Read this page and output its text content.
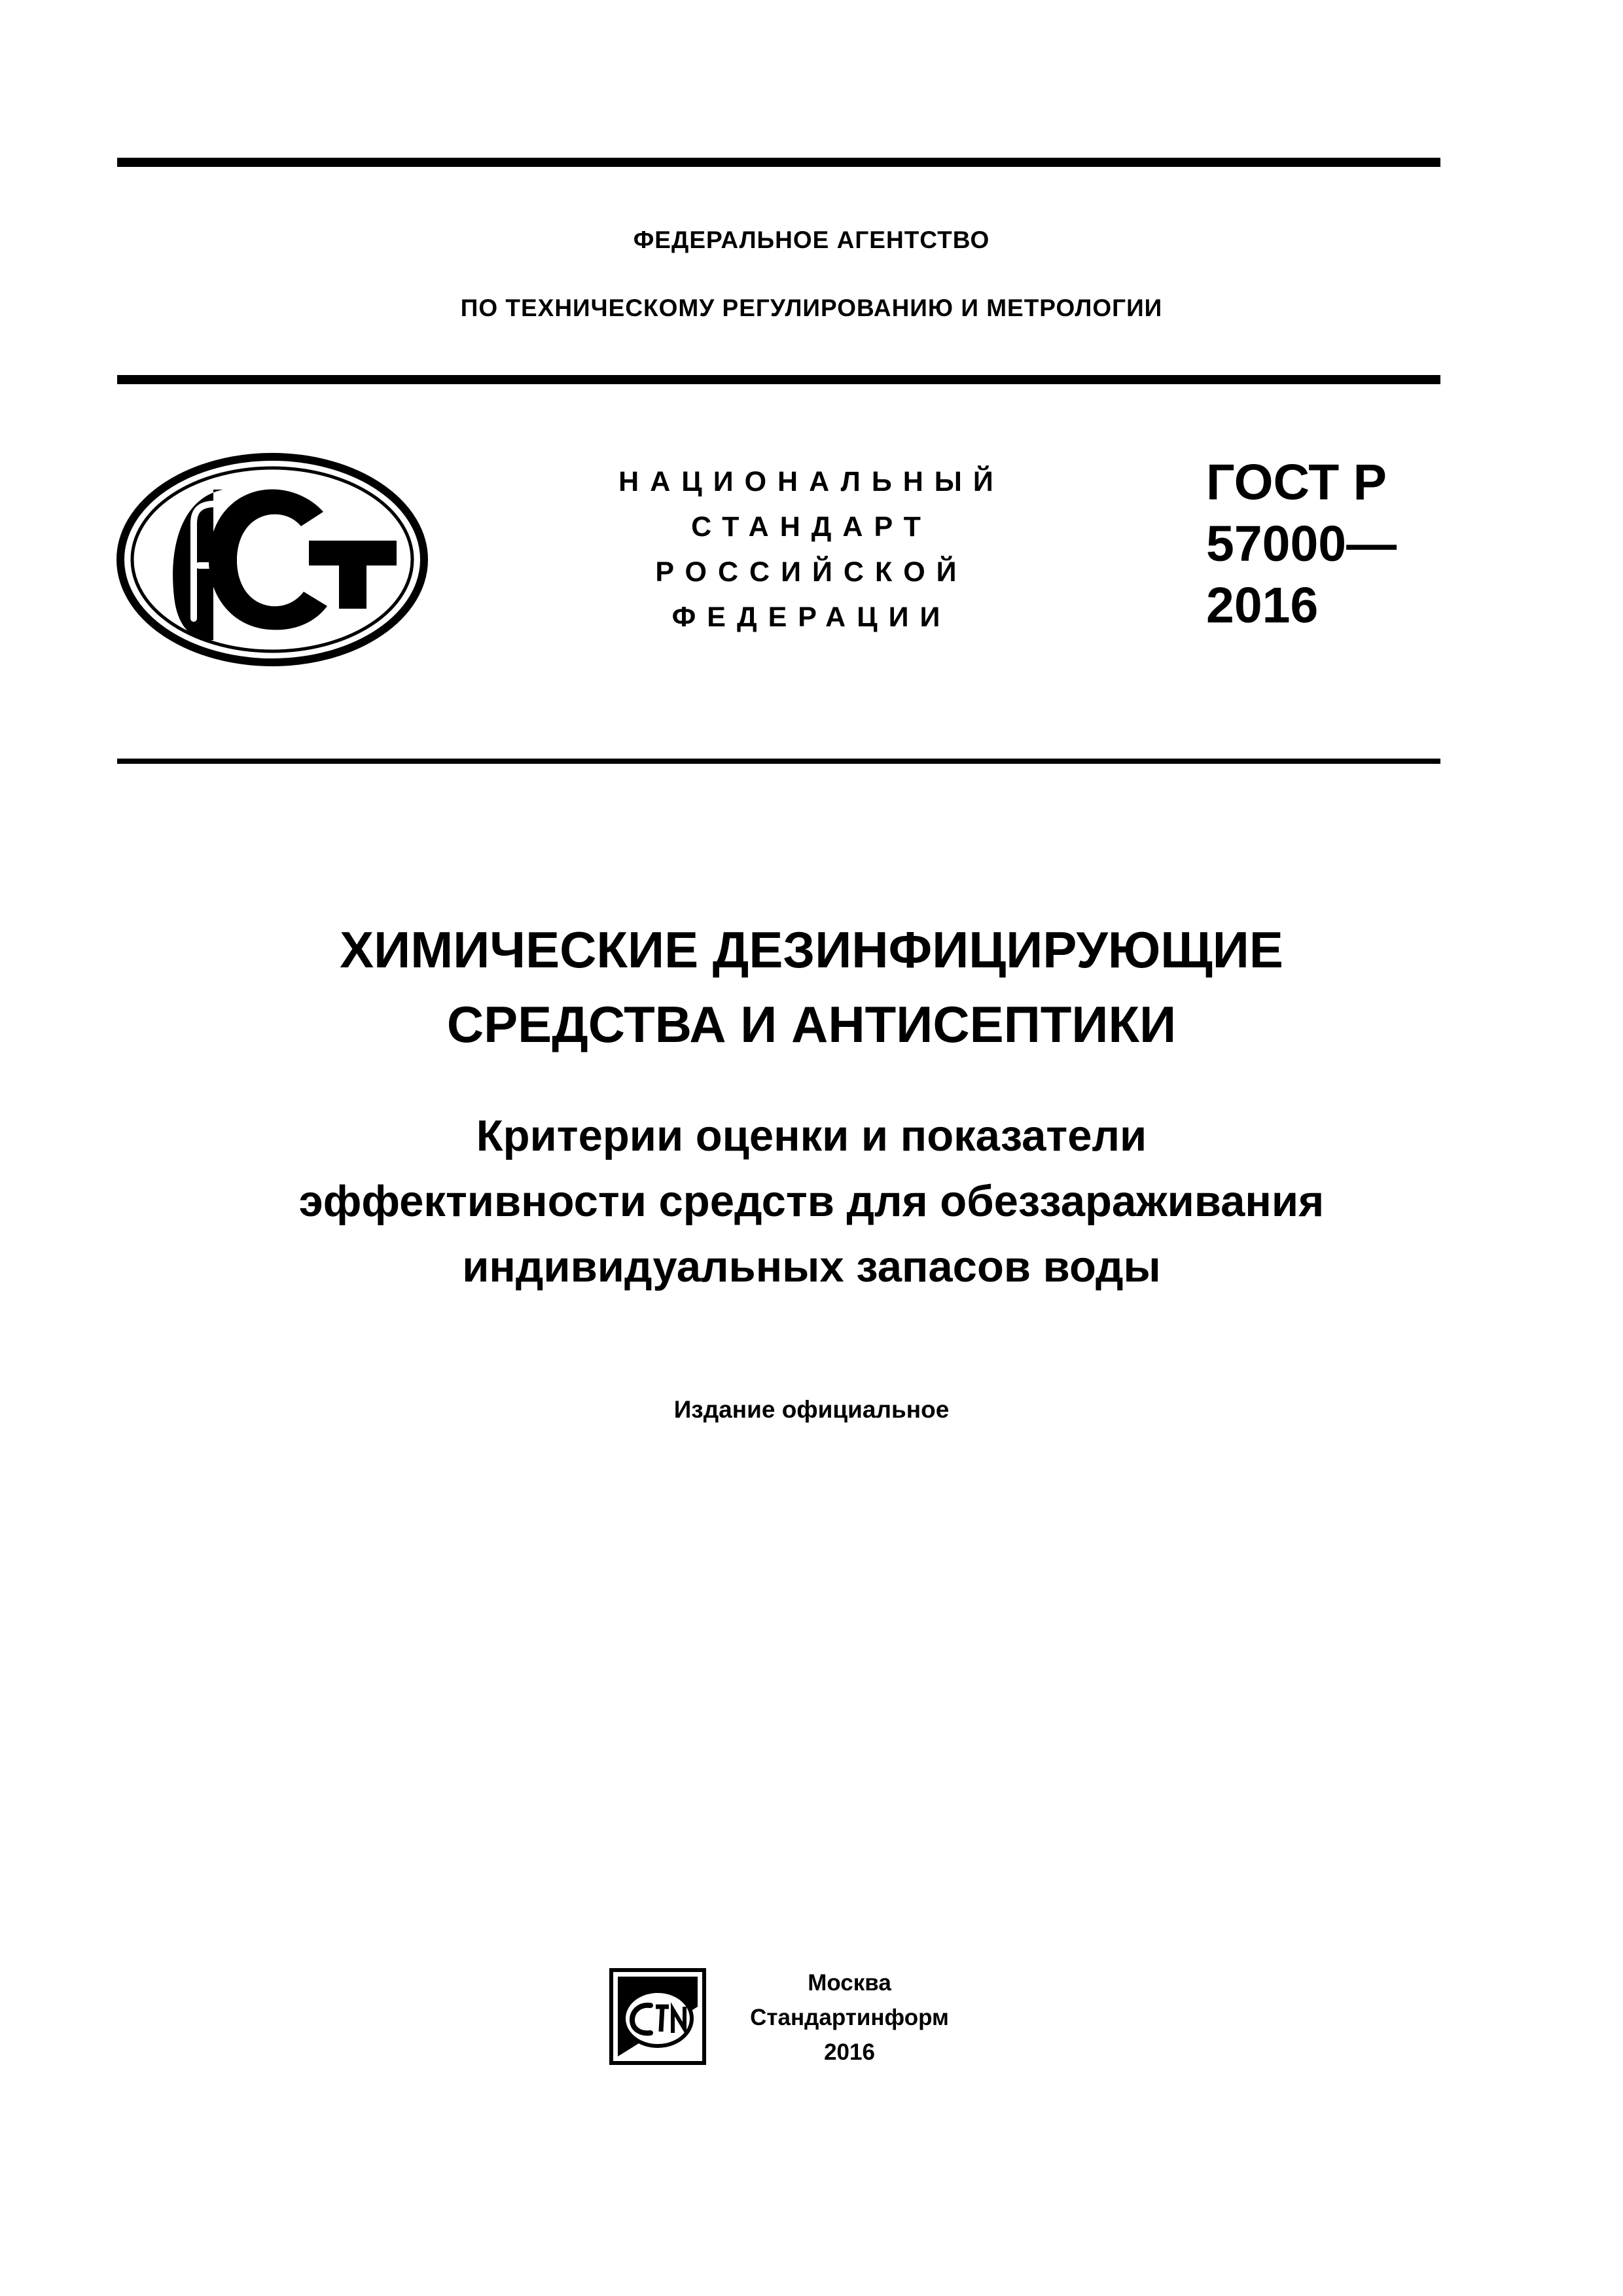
ФЕДЕРАЛЬНОЕ АГЕНТСТВО
ПО ТЕХНИЧЕСКОМУ РЕГУЛИРОВАНИЮ И МЕТРОЛОГИИ
НАЦИОНАЛЬНЫЙ
СТАНДАРТ
РОССИЙСКОЙ
ФЕДЕРАЦИИ
ГОСТ Р
57000—
2016
ХИМИЧЕСКИЕ ДЕЗИНФИЦИРУЮЩИЕ
СРЕДСТВА И АНТИСЕПТИКИ
Критерии оценки и показатели
эффективности средств для обеззараживания
индивидуальных запасов воды
Издание официальное
Москва
Стандартинформ
2016
